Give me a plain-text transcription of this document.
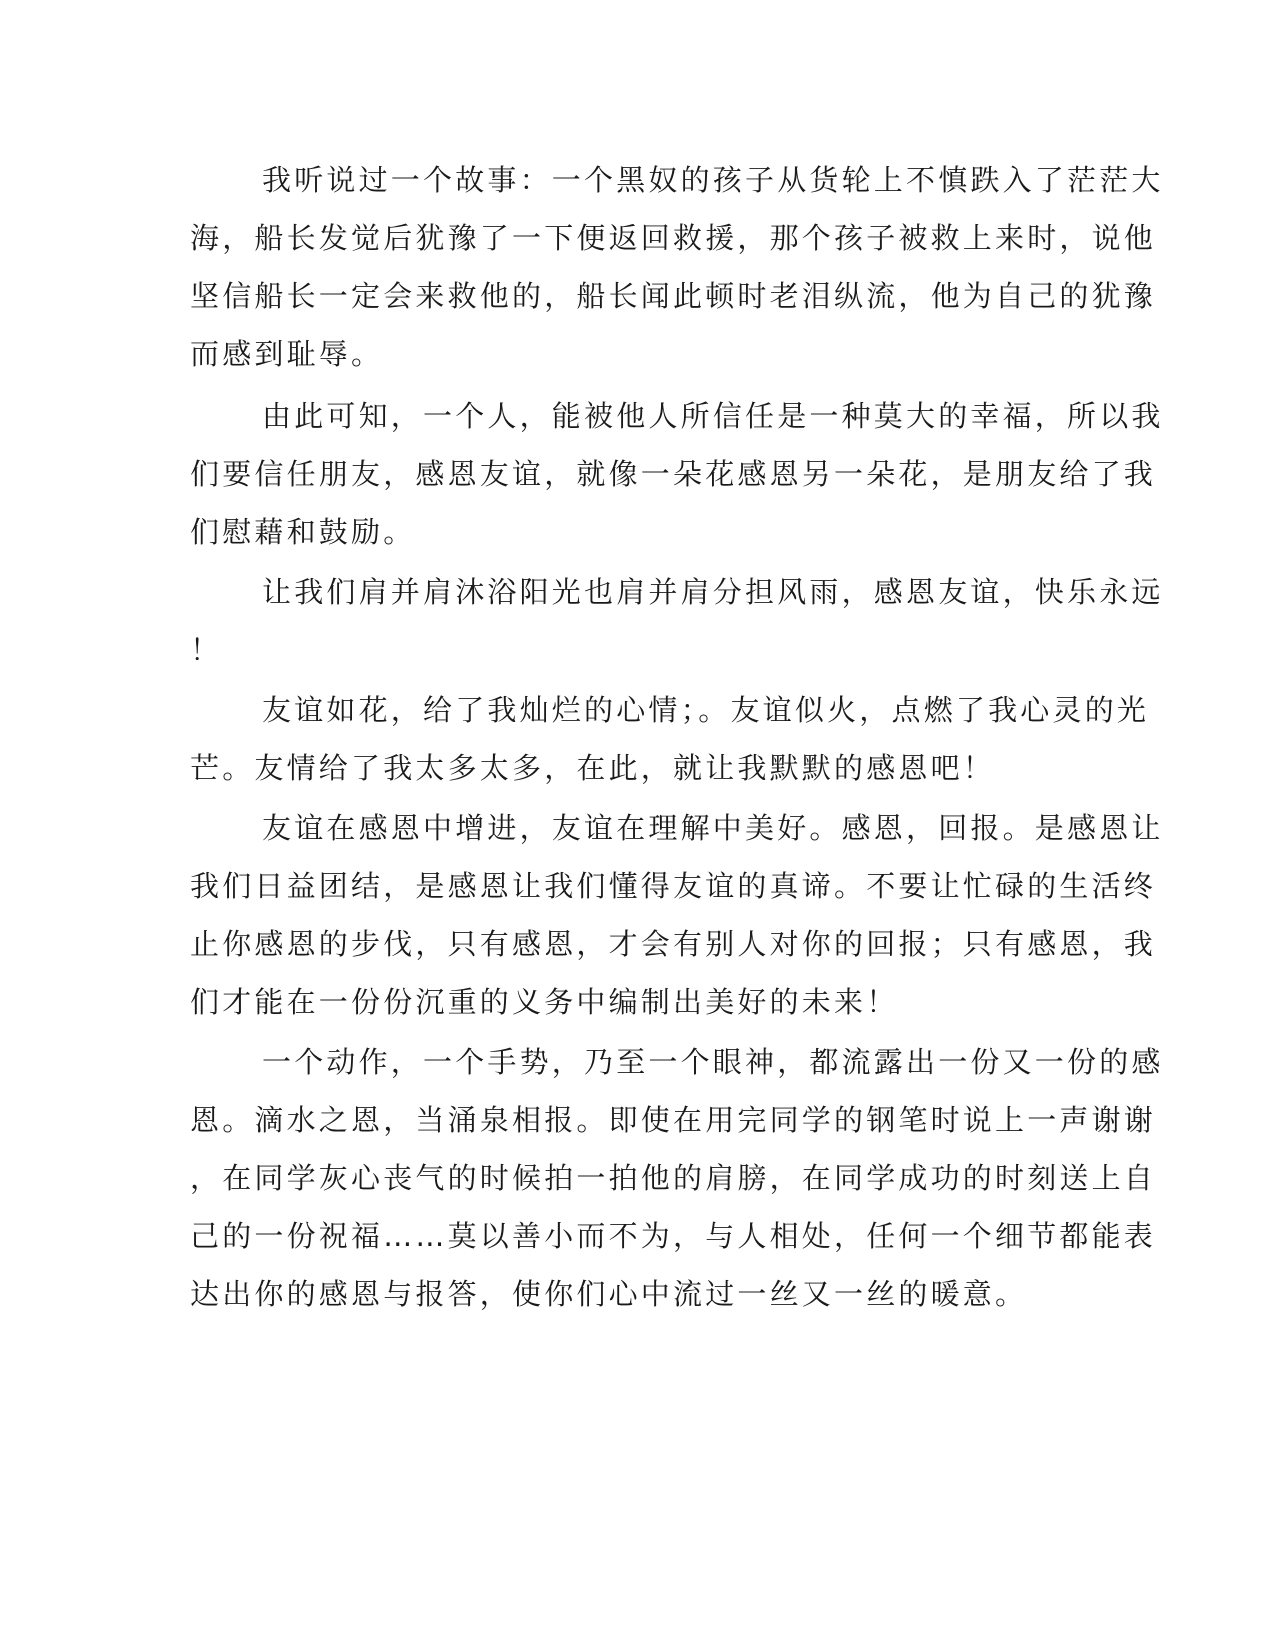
我听说过一个故事：一个黑奴的孩子从货轮上不慎跌入了茫茫大
海，船长发觉后犹豫了一下便返回救援，那个孩子被救上来时，说他
坚信船长一定会来救他的，船长闻此顿时老泪纵流，他为自己的犹豫
而感到耻辱。
由此可知，一个人，能被他人所信任是一种莫大的幸福，所以我
们要信任朋友，感恩友谊，就像一朵花感恩另一朵花，是朋友给了我
们慰藉和鼓励。
让我们肩并肩沐浴阳光也肩并肩分担风雨，感恩友谊，快乐永远
！
友谊如花，给了我灿烂的心情；。友谊似火，点燃了我心灵的光
芒。友情给了我太多太多，在此，就让我默默的感恩吧！
友谊在感恩中增进，友谊在理解中美好。感恩，回报。是感恩让
我们日益团结，是感恩让我们懂得友谊的真谛。不要让忙碌的生活终
止你感恩的步伐，只有感恩，才会有别人对你的回报；只有感恩，我
们才能在一份份沉重的义务中编制出美好的未来！
一个动作，一个手势，乃至一个眼神，都流露出一份又一份的感
恩。滴水之恩，当涌泉相报。即使在用完同学的钢笔时说上一声谢谢
，在同学灰心丧气的时候拍一拍他的肩膀，在同学成功的时刻送上自
己的一份祝福……莫以善小而不为，与人相处，任何一个细节都能表
达出你的感恩与报答，使你们心中流过一丝又一丝的暖意。
